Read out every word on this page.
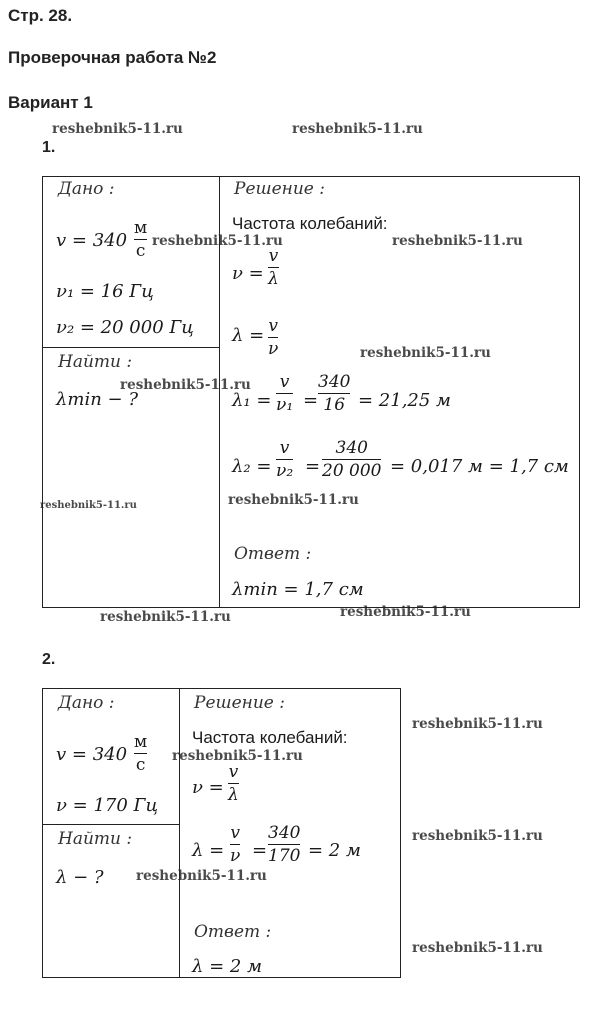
Стр. 28.
Проверочная работа №2
Вариант 1
reshebnik5-11.ru	reshebnik5-11.ru
reshebnik5-11.ru	reshebnik5-11.ru
reshebnik5-11.ru
reshebnik5-11.ru
reshebnik5-11.ru	reshebnik5-11.ru
reshebnik5-11.ru	reshebnik5-11.ru
reshebnik5-11.ru
reshebnik5-11.ru
reshebnik5-11.ru
reshebnik5-11.ru
reshebnik5-11.ru
1.
Дано :
v = 340
м
с
ν₁ = 16 Гц
ν₂ = 20 000 Гц
Найти :
λmin − ?
Решение :
Частота колебаний:
ν =
v
λ
λ = v
ν
λ₁ =
v
ν₁ =
340
16 = 21,25 м
λ₂ =
v
ν₂ =
340
20 000 = 0,017 м = 1,7 см
Ответ :
λmin = 1,7 см
2.
Дано :
v = 340
м
с
ν = 170 Гц
Найти :
λ − ?
Решение :
Частота колебаний:
ν =
v
λ
λ =
v
ν =
340
170 = 2 м
Ответ :
λ = 2 м
